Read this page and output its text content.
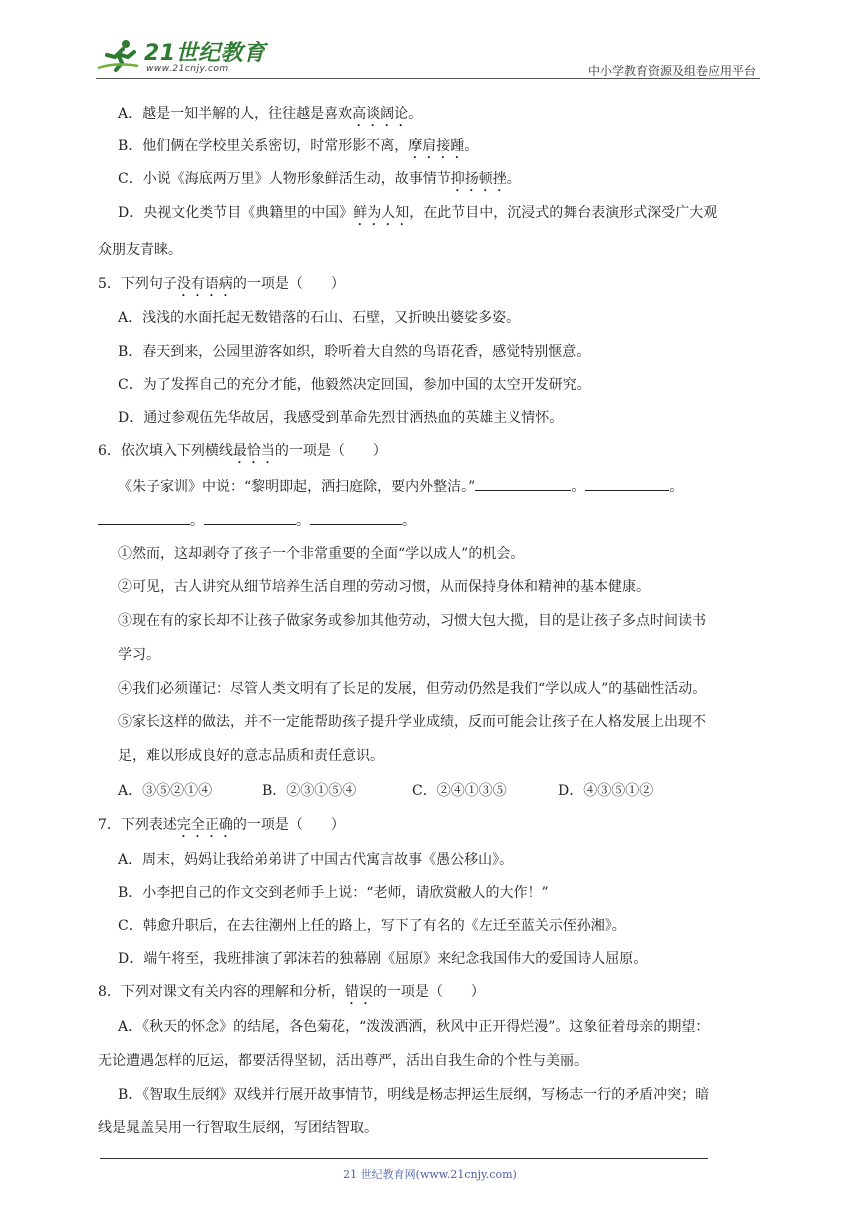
21世纪教育
www.21cnjy.com	中小学教育资源及组卷应用平台
A．越是一知半解的人，往往越是喜欢高谈阔论。
B．他们俩在学校里关系密切，时常形影不离，摩肩接踵。
C．小说《海底两万里》人物形象鲜活生动，故事情节抑扬顿挫。
D．央视文化类节目《典籍里的中国》鲜为人知，在此节目中，沉浸式的舞台表演形式深受广大观
众朋友青睐。
5．下列句子没有语病的一项是（　　）
A．浅浅的水面托起无数错落的石山、石壁，又折映出婆娑多姿。
B．春天到来，公园里游客如织，聆听着大自然的鸟语花香，感觉特别惬意。
C．为了发挥自己的充分才能，他毅然决定回国，参加中国的太空开发研究。
D．通过参观伍先华故居，我感受到革命先烈甘洒热血的英雄主义情怀。
6．依次填入下列横线最恰当的一项是（　　）
《朱子家训》中说：“黎明即起，洒扫庭除，要内外整洁。”	。	。
。	。	。
①然而，这却剥夺了孩子一个非常重要的全面“学以成人”的机会。
②可见，古人讲究从细节培养生活自理的劳动习惯，从而保持身体和精神的基本健康。
③现在有的家长却不让孩子做家务或参加其他劳动，习惯大包大揽，目的是让孩子多点时间读书
学习。
④我们必须谨记：尽管人类文明有了长足的发展，但劳动仍然是我们“学以成人”的基础性活动。
⑤家长这样的做法，并不一定能帮助孩子提升学业成绩，反而可能会让孩子在人格发展上出现不
足，难以形成良好的意志品质和责任意识。
A．③⑤②①④	B．②③①⑤④	C．②④①③⑤	D．④③⑤①②
7．下列表述完全正确的一项是（　　）
A．周末，妈妈让我给弟弟讲了中国古代寓言故事《愚公移山》。
B．小李把自己的作文交到老师手上说：“老师，请欣赏敝人的大作！”
C．韩愈升职后，在去往潮州上任的路上，写下了有名的《左迁至蓝关示侄孙湘》。
D．端午将至，我班排演了郭沫若的独幕剧《屈原》来纪念我国伟大的爱国诗人屈原。
8．下列对课文有关内容的理解和分析，错误的一项是（　　）
A．《秋天的怀念》的结尾，各色菊花，“泼泼洒洒，秋风中正开得烂漫”。这象征着母亲的期望：
无论遭遇怎样的厄运，都要活得坚韧，活出尊严，活出自我生命的个性与美丽。
B．《智取生辰纲》双线并行展开故事情节，明线是杨志押运生辰纲，写杨志一行的矛盾冲突；暗
线是晁盖吴用一行智取生辰纲，写团结智取。
21 世纪教育网(www.21cnjy.com)
